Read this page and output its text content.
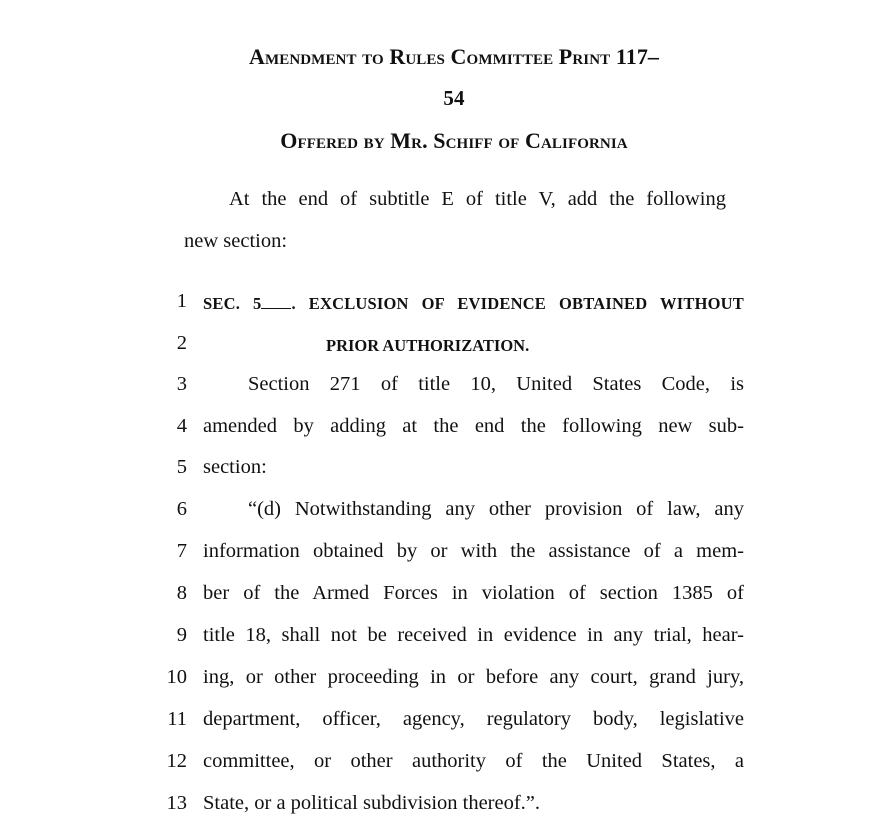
Amendment to Rules Committee Print 117–
54
Offered by Mr. Schiff of California
At the end of subtitle E of title V, add the following
new section:
1 SEC. 5 . EXCLUSION OF EVIDENCE OBTAINED WITHOUT
2	PRIOR AUTHORIZATION.
3	Section 271 of title 10, United States Code, is
4 amended by adding at the end the following new sub-
5 section:
6	“(d) Notwithstanding any other provision of law, any
7 information obtained by or with the assistance of a mem-
8 ber of the Armed Forces in violation of section 1385 of
9 title 18, shall not be received in evidence in any trial, hear-
10 ing, or other proceeding in or before any court, grand jury,
11 department, officer, agency, regulatory body, legislative
12 committee, or other authority of the United States, a
13 State, or a political subdivision thereof.”.
